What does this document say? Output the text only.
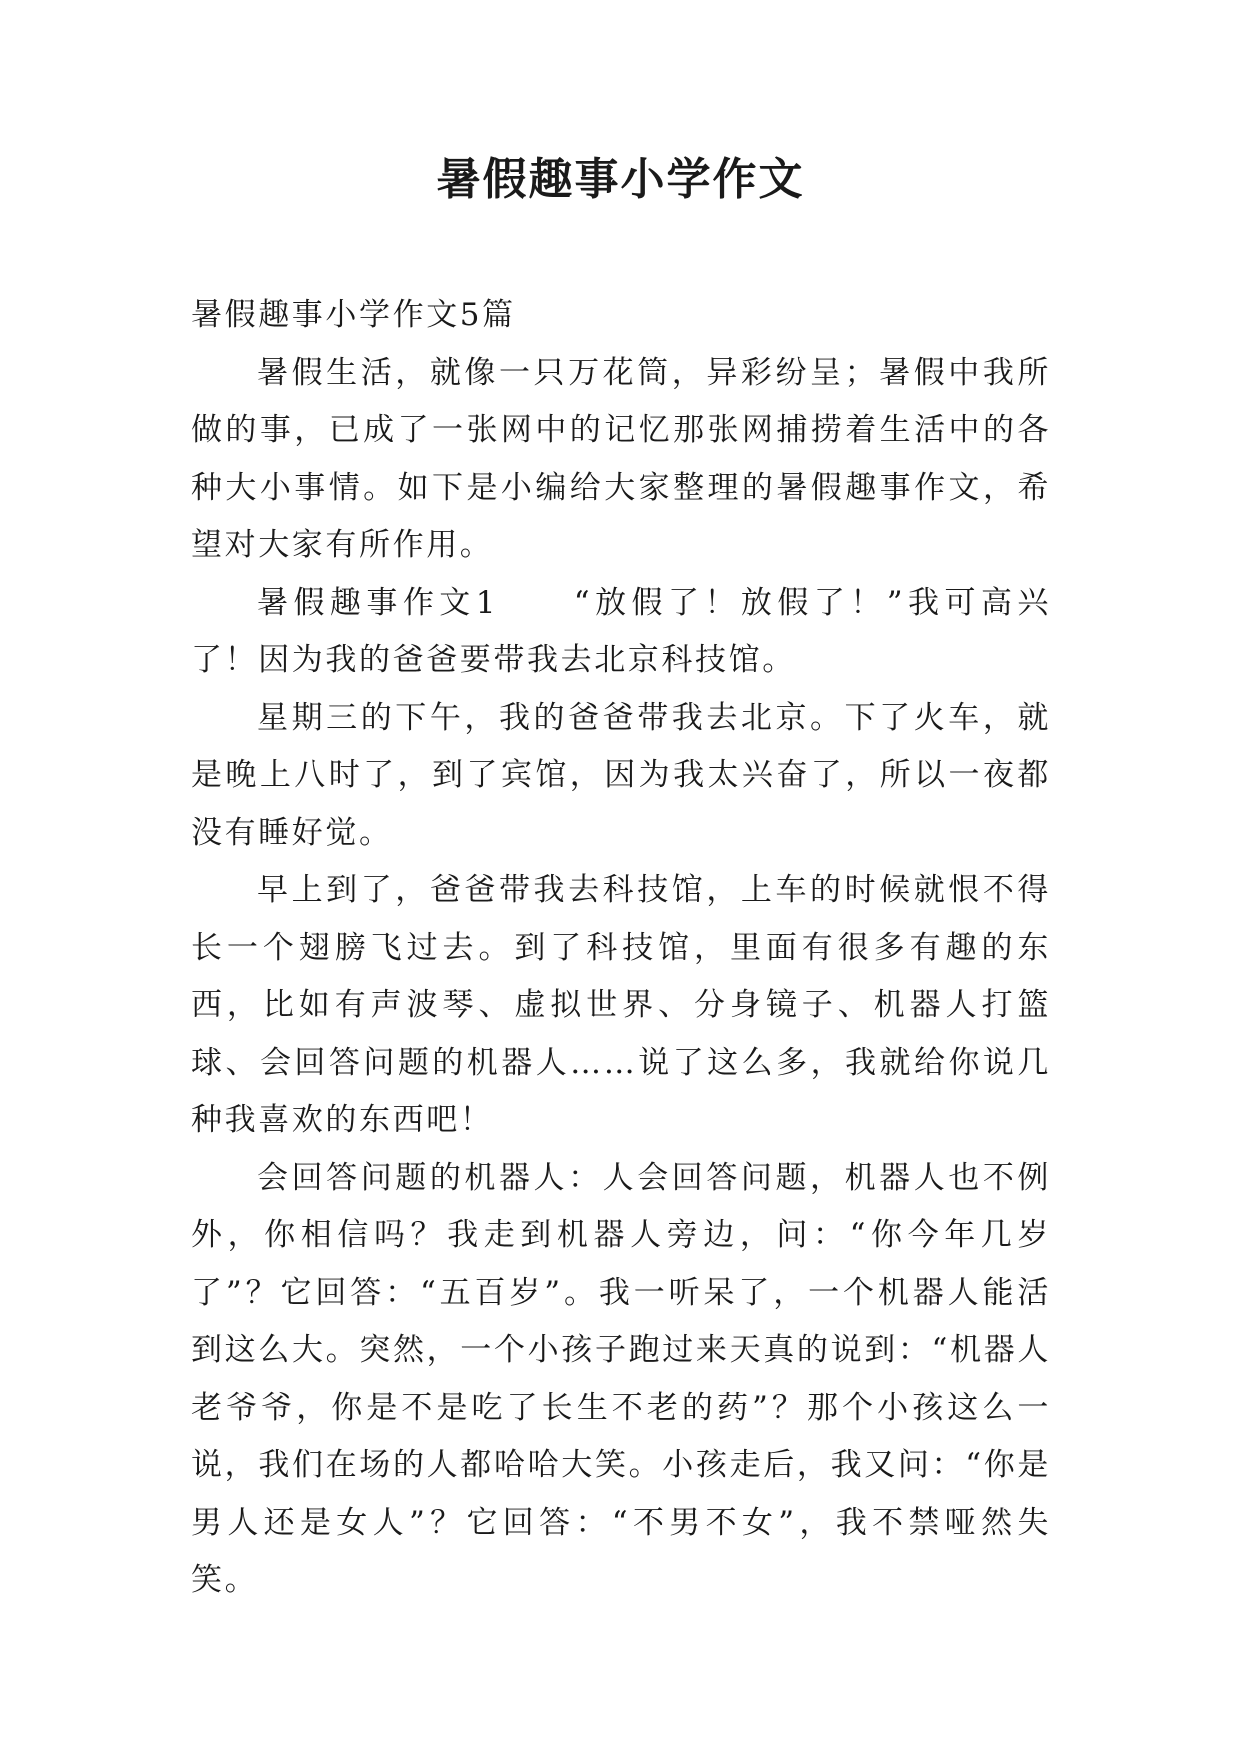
暑假趣事小学作文

暑假趣事小学作文5篇

暑假生活，就像一只万花筒，异彩纷呈；暑假中我所做的事，已成了一张网中的记忆那张网捕捞着生活中的各种大小事情。如下是小编给大家整理的暑假趣事作文，希望对大家有所作用。

暑假趣事作文1　　“放假了！放假了！”我可高兴了！因为我的爸爸要带我去北京科技馆。

星期三的下午，我的爸爸带我去北京。下了火车，就是晚上八时了，到了宾馆，因为我太兴奋了，所以一夜都没有睡好觉。

早上到了，爸爸带我去科技馆，上车的时候就恨不得长一个翅膀飞过去。到了科技馆，里面有很多有趣的东西，比如有声波琴、虚拟世界、分身镜子、机器人打篮球、会回答问题的机器人……说了这么多，我就给你说几种我喜欢的东西吧！

会回答问题的机器人：人会回答问题，机器人也不例外，你相信吗？我走到机器人旁边，问：“你今年几岁了”？它回答：“五百岁”。我一听呆了，一个机器人能活到这么大。突然，一个小孩子跑过来天真的说到：“机器人老爷爷，你是不是吃了长生不老的药”？那个小孩这么一说，我们在场的人都哈哈大笑。小孩走后，我又问：“你是男人还是女人”？它回答：“不男不女”，我不禁哑然失笑。
